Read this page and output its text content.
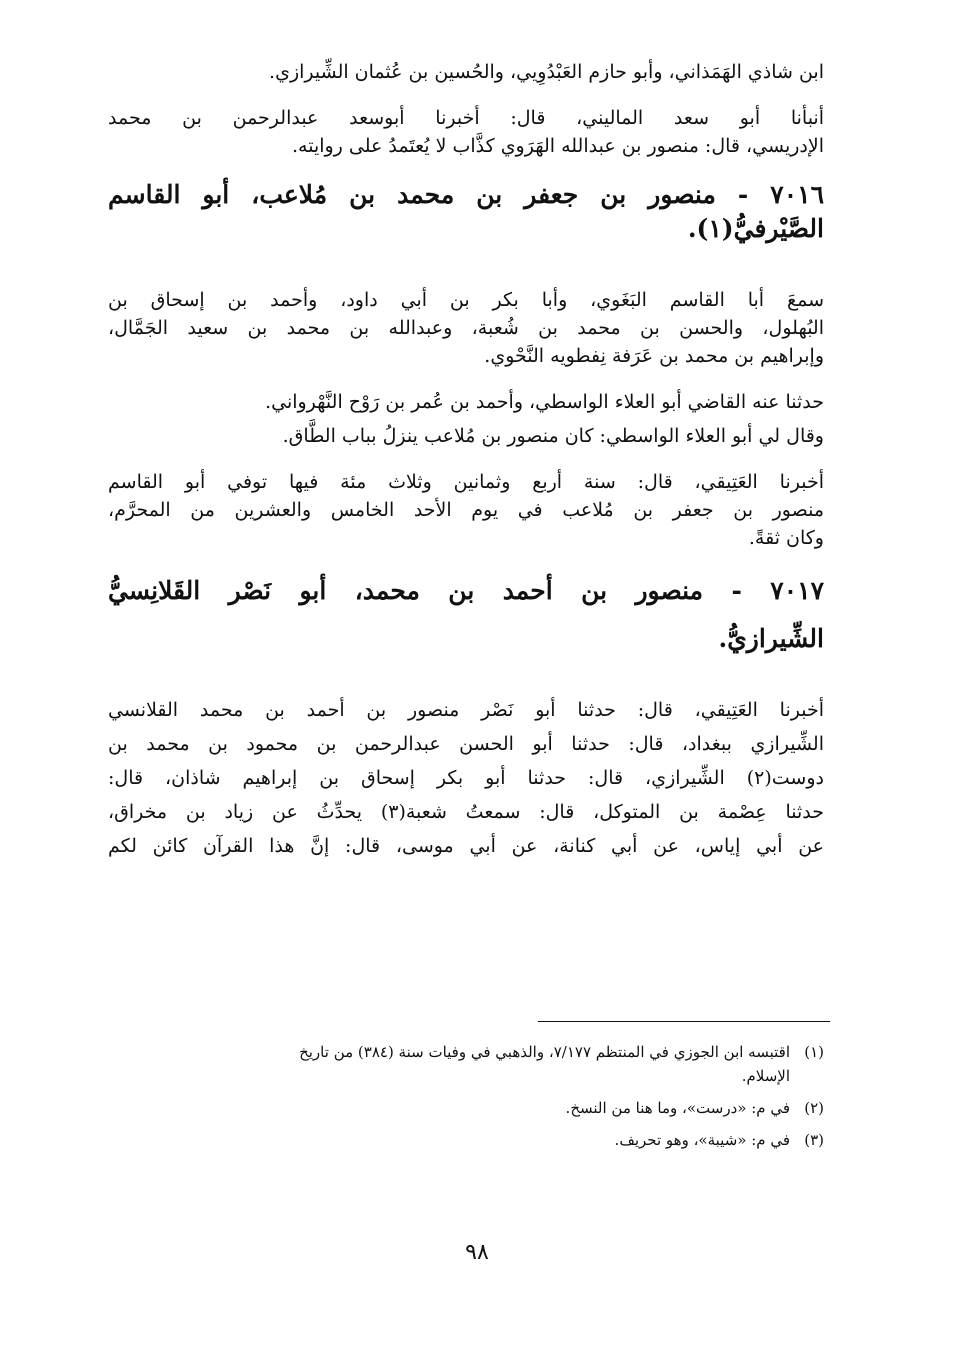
ابن شاذي الهَمَذاني، وأبو حازم العَبْدُوِيي، والحُسين بن عُثمان الشِّيرازي.
أنبأنا أبو سعد الماليني، قال: أخبرنا أبوسعد عبدالرحمن بن محمد
الإدريسي، قال: منصور بن عبدالله الهَرَوي كذَّاب لا يُعتَمدُ على روايته.
٧٠١٦ - منصور بن جعفر بن محمد بن مُلاعب، أبو القاسم
الصَّيْرفيُّ(١).
سمعَ أبا القاسم البَغَوي، وأبا بكر بن أبي داود، وأحمد بن إسحاق بن
البُهلول، والحسن بن محمد بن شُعبة، وعبدالله بن محمد بن سعيد الجَمَّال،
وإبراهيم بن محمد بن عَرَفة نِفطويه النَّحْوي.
حدثنا عنه القاضي أبو العلاء الواسطي، وأحمد بن عُمر بن رَوْح النَّهْرواني.
وقال لي أبو العلاء الواسطي: كان منصور بن مُلاعب ينزلُ بباب الطَّاق.
أخبرنا العَتِيقي، قال: سنة أربع وثمانين وثلاث مئة فيها توفي أبو القاسم
منصور بن جعفر بن مُلاعب في يوم الأحد الخامس والعشرين من المحرَّم،
وكان ثقةً.
٧٠١٧ - منصور بن أحمد بن محمد، أبو نَصْر القَلانِسيُّ
الشِّيرازيُّ.
أخبرنا العَتِيقي، قال: حدثنا أبو نَصْر منصور بن أحمد بن محمد القلانسي
الشِّيرازي ببغداد، قال: حدثنا أبو الحسن عبدالرحمن بن محمود بن محمد بن
دوست(٢) الشِّيرازي، قال: حدثنا أبو بكر إسحاق بن إبراهيم شاذان، قال:
حدثنا عِصْمة بن المتوكل، قال: سمعتُ شعبة(٣) يحدِّثُ عن زياد بن مخراق،
عن أبي إياس، عن أبي كنانة، عن أبي موسى، قال: إنَّ هذا القرآن كائن لكم
(١)
اقتبسه ابن الجوزي في المنتظم ٧/١٧٧، والذهبي في وفيات سنة (٣٨٤) من تاريخ
الإسلام.
(٢)
في م: «درست»، وما هنا من النسخ.
(٣)
في م: «شيبة»، وهو تحريف.
٩٨
